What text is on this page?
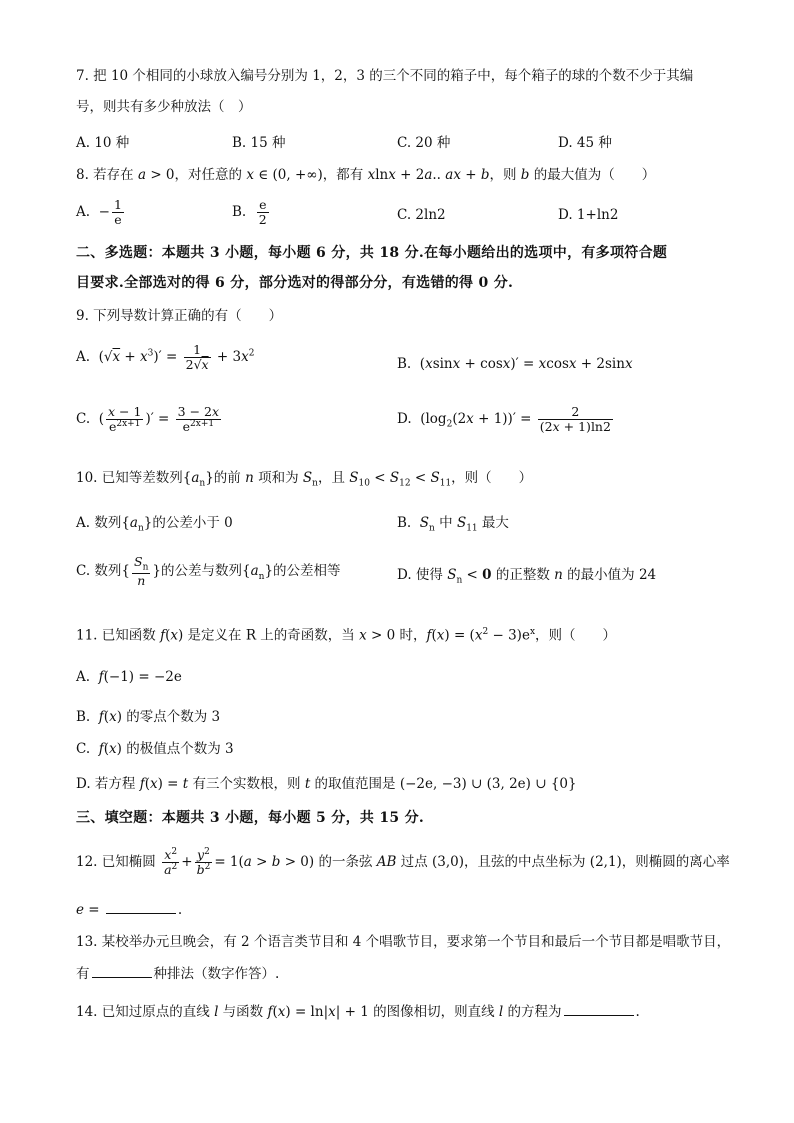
7. 把 10 个相同的小球放入编号分别为 1，2，3 的三个不同的箱子中，每个箱子的球的个数不少于其编
号，则共有多少种放法（　）
A. 10 种	B. 15 种	C. 20 种	D. 45 种
8. 若存在 a > 0，对任意的 x ∈ (0, +∞)，都有 xlnx + 2a.. ax + b，则 b 的最大值为（　　）
A.  − $\frac{1}{e}$	B. $\frac{e}{2}$	C. 2ln2	D. 1+ln2
二、多选题：本题共 3 小题，每小题 6 分，共 18 分.在每小题给出的选项中，有多项符合题
目要求.全部选对的得 6 分，部分选对的得部分分，有选错的得 0 分.
9. 下列导数计算正确的有（　　）
A.  $(√x + x^3)' = \frac{1}{2√x} + 3x^2$
B.  (xsinx + cosx)′ = xcosx + 2sinx
C.  ( $\frac{x - 1}{e^{2x+1}}$ )′ = $\frac{3 - 2x}{e^{2x+1}}$	D.  $(\log_2(2x + 1))' = \frac{2}{(2x + 1)\ln 2}$
10. 已知等差数列$\{a_n\}$的前 n 项和为 $S_n$，且 $S_{10} < S_{12} < S_{11}$，则（　　）
A. 数列$\{a_n\}$的公差小于 0	B.  $S_n$ 中 $S_{11}$ 最大
C. 数列{ $\frac{S_n}{n}$ }的公差与数列$\{a_n\}$的公差相等	D. 使得 $S_n < 0$ 的正整数 n 的最小值为 24
11. 已知函数 f(x) 是定义在 R 上的奇函数，当 x > 0 时，$f(x) = (x^2 - 3)e^x$，则（　　）
A.  f(−1) = −2e
B.  f(x) 的零点个数为 3
C.  f(x) 的极值点个数为 3
D. 若方程 f(x) = t 有三个实数根，则 t 的取值范围是 (−2e, −3) ∪ (3, 2e) ∪ {0}
三、填空题：本题共 3 小题，每小题 5 分，共 15 分.
12. 已知椭圆 $\frac{x^2}{a^2} + \frac{y^2}{b^2} = 1(a > b > 0)$ 的一条弦 AB 过点 (3,0)，且弦的中点坐标为 (2,1)，则椭圆的离心率
e =	.
13. 某校举办元旦晚会，有 2 个语言类节目和 4 个唱歌节目，要求第一个节目和最后一个节目都是唱歌节目，
有	种排法（数字作答）.
14. 已知过原点的直线 l 与函数 f(x) = ln|x| + 1 的图像相切，则直线 l 的方程为	.
